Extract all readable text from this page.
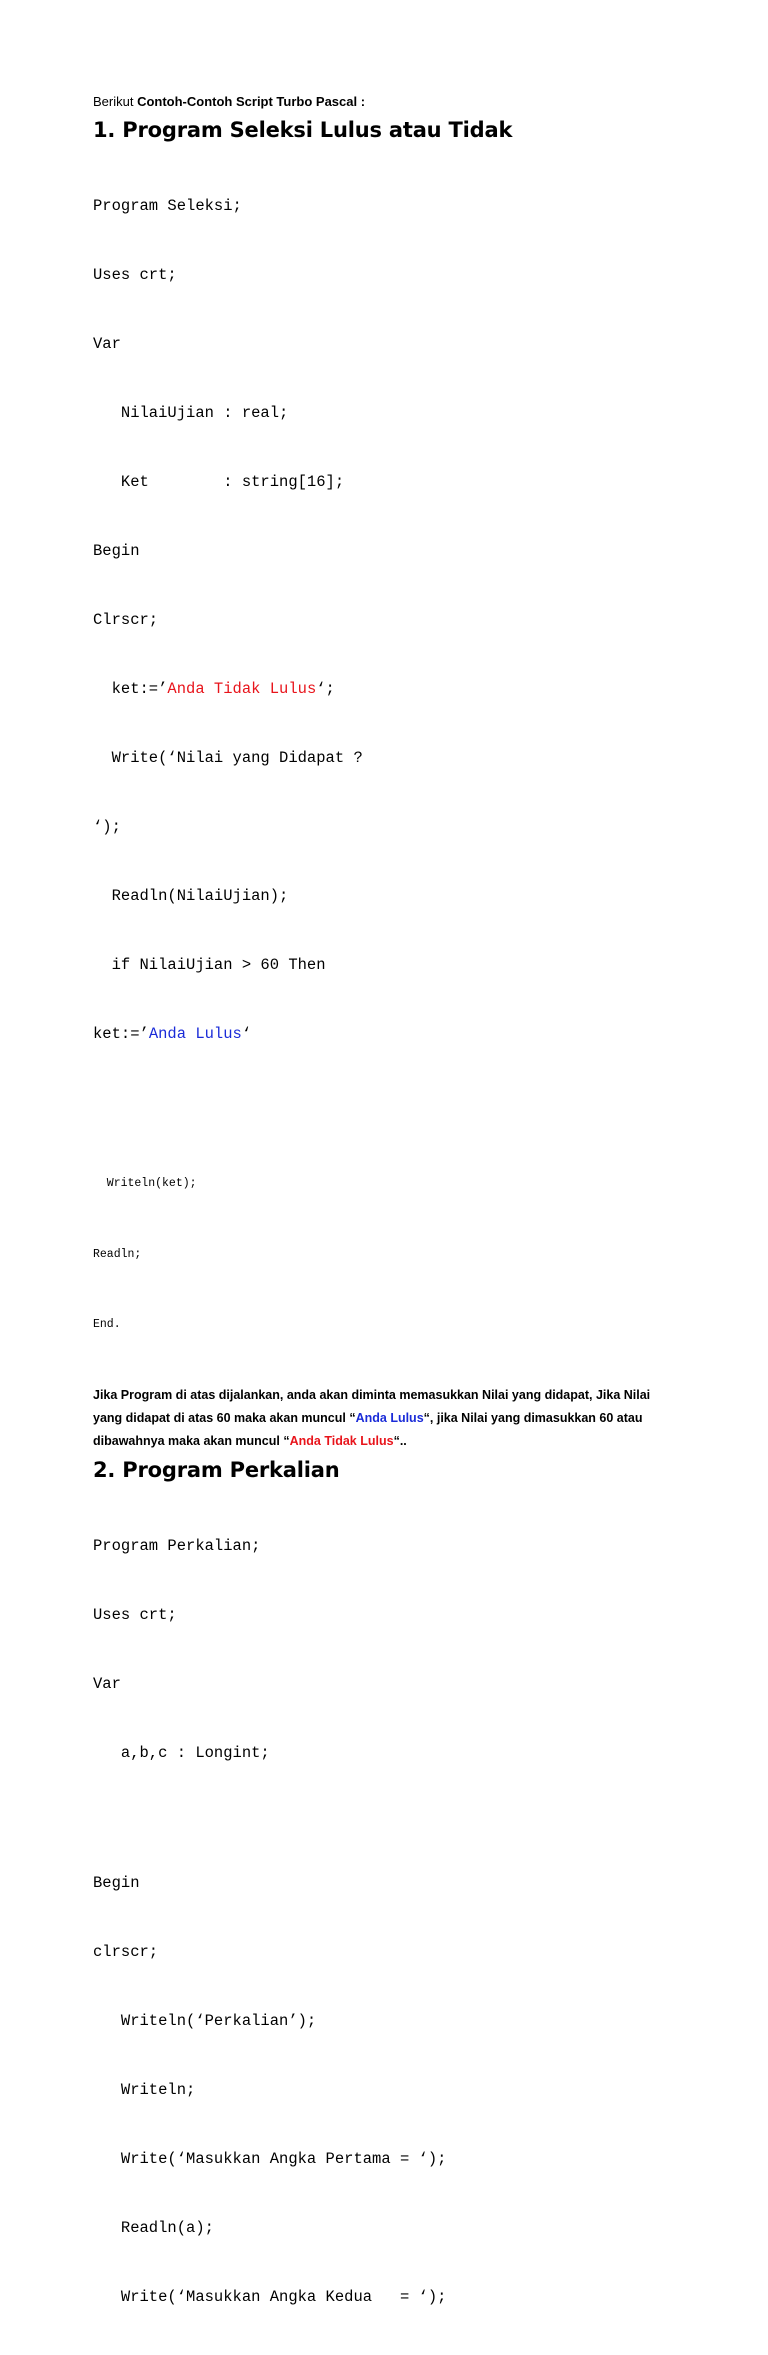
Berikut Contoh-Contoh Script Turbo Pascal :

1. Program Seleksi Lulus atau Tidak

Program Seleksi;

Uses crt;

Var

NilaiUjian : real;

Ket        : string[16];

Begin

Clrscr;

ket:=’Anda Tidak Lulus‘;

Write(‘Nilai yang Didapat ?

‘);

Readln(NilaiUjian);

if NilaiUjian > 60 Then

ket:=’Anda Lulus‘

Writeln(ket);

Readln;

End.

Jika Program di atas dijalankan, anda akan diminta memasukkan Nilai yang didapat, Jika Nilai yang didapat di atas 60 maka akan muncul “Anda Lulus“, jika Nilai yang dimasukkan 60 atau dibawahnya maka akan muncul “Anda Tidak Lulus“..

2. Program Perkalian

Program Perkalian;

Uses crt;

Var

a,b,c : Longint;

Begin

clrscr;

Writeln(‘Perkalian’);

Writeln;

Write(‘Masukkan Angka Pertama = ‘);

Readln(a);

Write(‘Masukkan Angka Kedua   = ‘);
